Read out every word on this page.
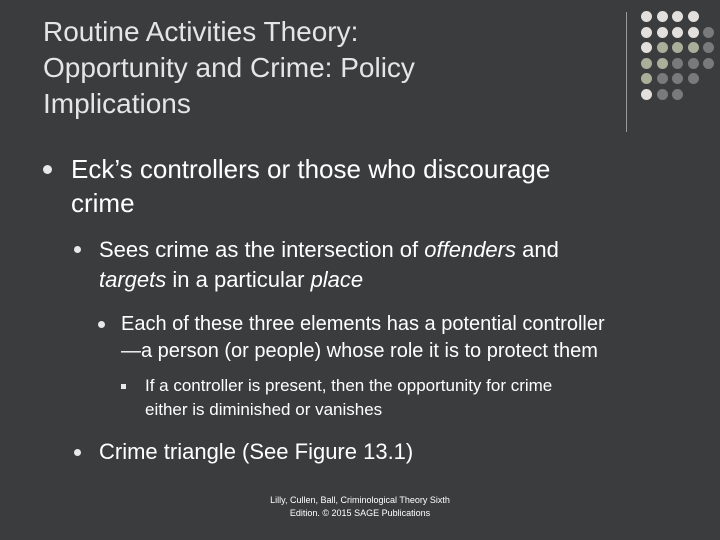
Routine Activities Theory:
Opportunity and Crime: Policy
Implications
Eck’s controllers or those who discourage
crime
Sees crime as the intersection of offenders and
targets in a particular place
Each of these three elements has a potential controller
—a person (or people) whose role it is to protect them
If a controller is present, then the opportunity for crime
either is diminished or vanishes
Crime triangle (See Figure 13.1)
Lilly, Cullen, Ball, Criminological Theory Sixth
Edition. © 2015 SAGE Publications
